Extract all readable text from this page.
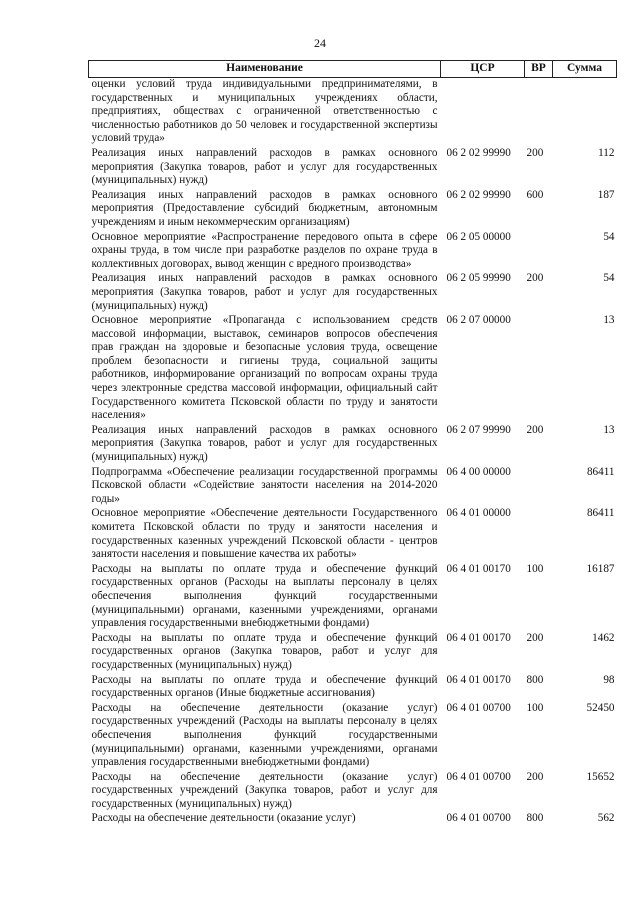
24
Наименование	ЦСР	ВР	Сумма
оценки условий труда индивидуальными предпринимателями, в государственных и муниципальных учреждениях области, предприятиях, обществах с ограниченной ответственностью с численностью работников до 50 человек и государственной экспертизы условий труда»			
Реализация иных направлений расходов в рамках основного мероприятия (Закупка товаров, работ и услуг для государственных (муниципальных) нужд)	06 2 02 99990	200	112
Реализация иных направлений расходов в рамках основного мероприятия (Предоставление субсидий бюджетным, автономным учреждениям и иным некоммерческим организациям)	06 2 02 99990	600	187
Основное мероприятие «Распространение передового опыта в сфере охраны труда, в том числе при разработке разделов по охране труда в коллективных договорах, вывод женщин с вредного производства»	06 2 05 00000		54
Реализация иных направлений расходов в рамках основного мероприятия (Закупка товаров, работ и услуг для государственных (муниципальных) нужд)	06 2 05 99990	200	54
Основное мероприятие «Пропаганда с использованием средств массовой информации, выставок, семинаров вопросов обеспечения прав граждан на здоровые и безопасные условия труда, освещение проблем безопасности и гигиены труда, социальной защиты работников, информирование организаций по вопросам охраны труда через электронные средства массовой информации, официальный сайт Государственного комитета Псковской области по труду и занятости населения»	06 2 07 00000		13
Реализация иных направлений расходов в рамках основного мероприятия (Закупка товаров, работ и услуг для государственных (муниципальных) нужд)	06 2 07 99990	200	13
Подпрограмма «Обеспечение реализации государственной программы Псковской области «Содействие занятости населения на 2014-2020 годы»	06 4 00 00000		86411
Основное мероприятие «Обеспечение деятельности Государственного комитета Псковской области по труду и занятости населения и государственных казенных учреждений Псковской области - центров занятости населения и повышение качества их работы»	06 4 01 00000		86411
Расходы на выплаты по оплате труда и обеспечение функций государственных органов (Расходы на выплаты персоналу в целях обеспечения выполнения функций государственными (муниципальными) органами, казенными учреждениями, органами управления государственными внебюджетными фондами)	06 4 01 00170	100	16187
Расходы на выплаты по оплате труда и обеспечение функций государственных органов (Закупка товаров, работ и услуг для государственных (муниципальных) нужд)	06 4 01 00170	200	1462
Расходы на выплаты по оплате труда и обеспечение функций государственных органов (Иные бюджетные ассигнования)	06 4 01 00170	800	98
Расходы на обеспечение деятельности (оказание услуг) государственных учреждений (Расходы на выплаты персоналу в целях обеспечения выполнения функций государственными (муниципальными) органами, казенными учреждениями, органами управления государственными внебюджетными фондами)	06 4 01 00700	100	52450
Расходы на обеспечение деятельности (оказание услуг) государственных учреждений (Закупка товаров, работ и услуг для государственных (муниципальных) нужд)	06 4 01 00700	200	15652
Расходы на обеспечение деятельности (оказание услуг)	06 4 01 00700	800	562
